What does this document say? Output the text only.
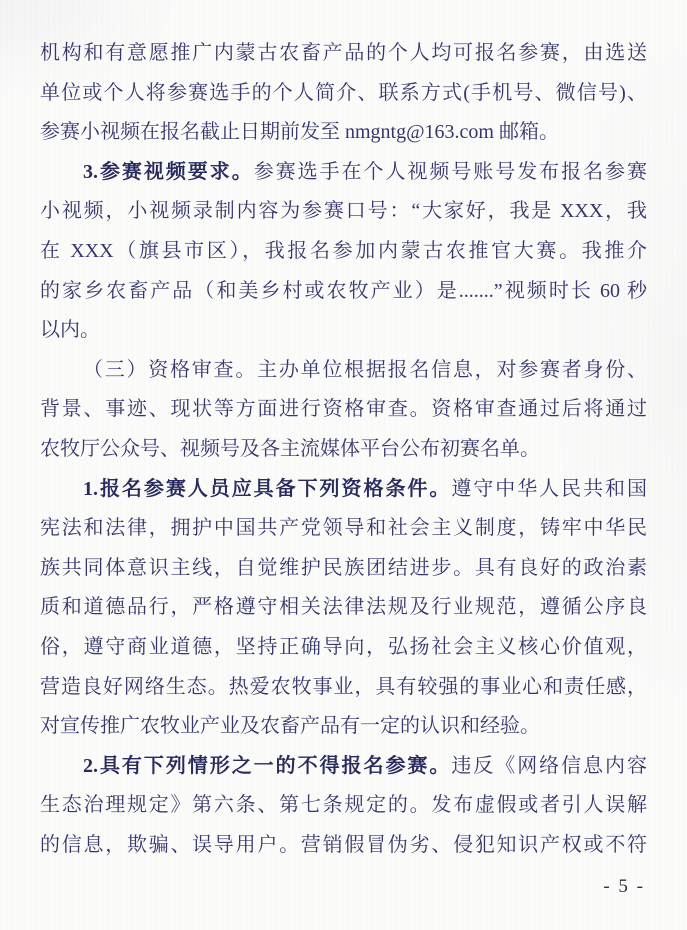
机构和有意愿推广内蒙古农畜产品的个人均可报名参赛，由选送
单位或个人将参赛选手的个人简介、联系方式(手机号、微信号)、
参赛小视频在报名截止日期前发至 nmgntg@163.com 邮箱。
3.参赛视频要求。参赛选手在个人视频号账号发布报名参赛
小视频，小视频录制内容为参赛口号：“大家好，我是 XXX，我
在 XXX（旗县市区），我报名参加内蒙古农推官大赛。我推介
的家乡农畜产品（和美乡村或农牧产业）是.......”视频时长 60 秒
以内。
（三）资格审查。主办单位根据报名信息，对参赛者身份、
背景、事迹、现状等方面进行资格审查。资格审查通过后将通过
农牧厅公众号、视频号及各主流媒体平台公布初赛名单。
1.报名参赛人员应具备下列资格条件。遵守中华人民共和国
宪法和法律，拥护中国共产党领导和社会主义制度，铸牢中华民
族共同体意识主线，自觉维护民族团结进步。具有良好的政治素
质和道德品行，严格遵守相关法律法规及行业规范，遵循公序良
俗，遵守商业道德，坚持正确导向，弘扬社会主义核心价值观，
营造良好网络生态。热爱农牧事业，具有较强的事业心和责任感，
对宣传推广农牧业产业及农畜产品有一定的认识和经验。
2.具有下列情形之一的不得报名参赛。违反《网络信息内容
生态治理规定》第六条、第七条规定的。发布虚假或者引人误解
的信息，欺骗、误导用户。营销假冒伪劣、侵犯知识产权或不符
- 5 -
